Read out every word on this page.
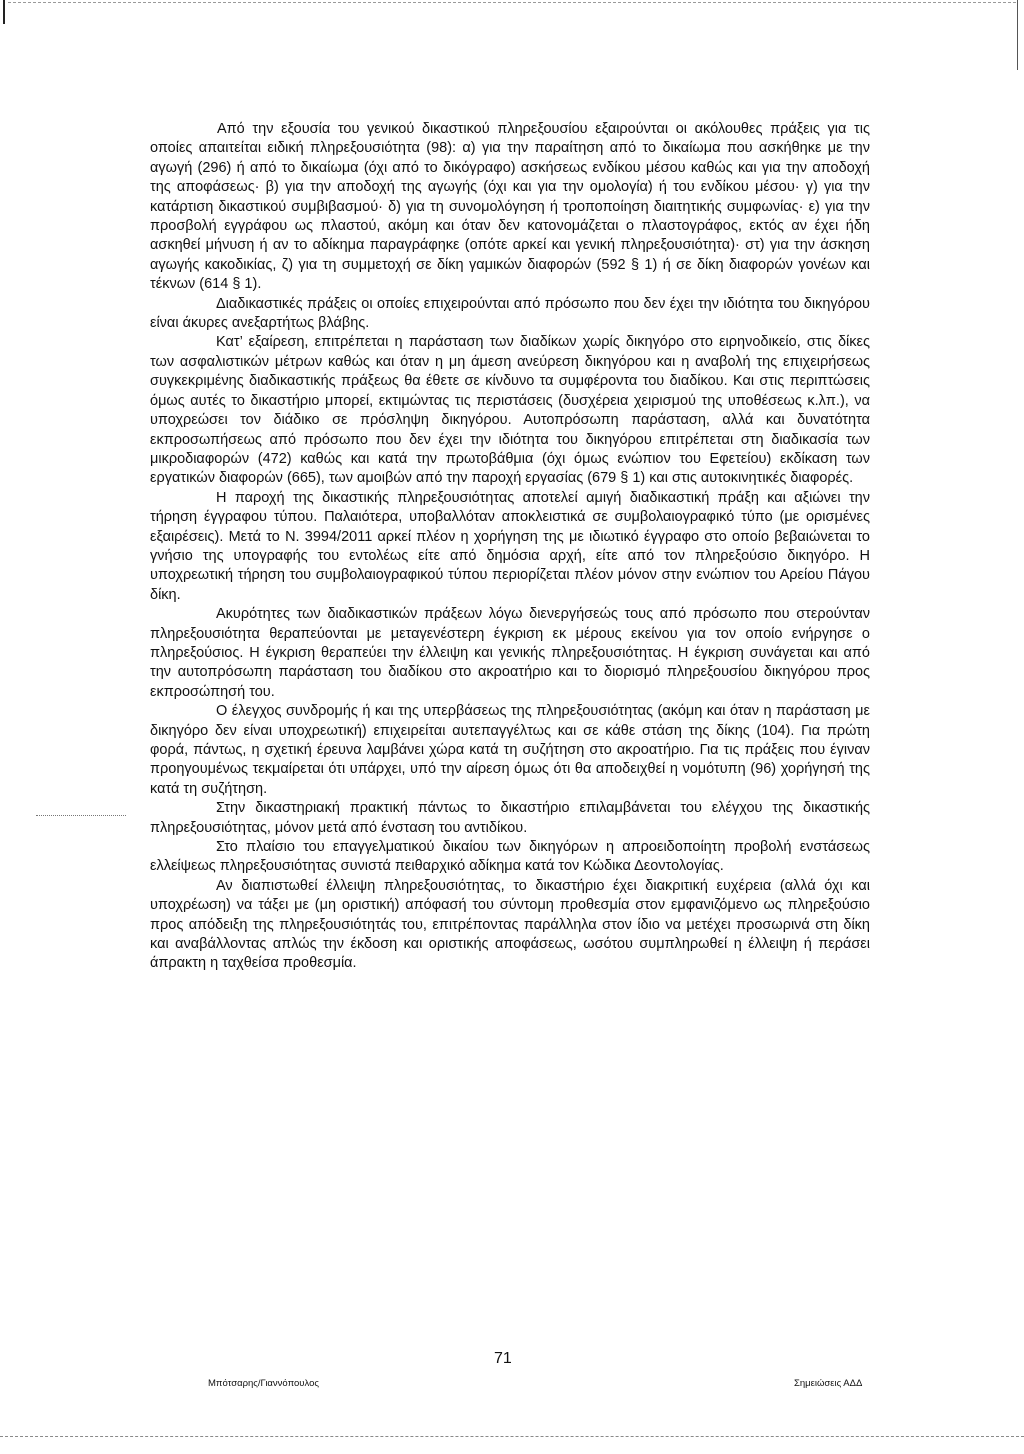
Από την εξουσία του γενικού δικαστικού πληρεξουσίου εξαιρούνται οι ακόλουθες πράξεις για τις οποίες απαιτείται ειδική πληρεξουσιότητα (98): α) για την παραίτηση από το δικαίωμα που ασκήθηκε με την αγωγή (296) ή από το δικαίωμα (όχι από το δικόγραφο) ασκήσεως ενδίκου μέσου καθώς και για την αποδοχή της αποφάσεως· β) για την αποδοχή της αγωγής (όχι και για την ομολογία) ή του ενδίκου μέσου· γ) για την κατάρτιση δικαστικού συμβιβασμού· δ) για τη συνομολόγηση ή τροποποίηση διαιτητικής συμφωνίας· ε) για την προσβολή εγγράφου ως πλαστού, ακόμη και όταν δεν κατονομάζεται ο πλαστογράφος, εκτός αν έχει ήδη ασκηθεί μήνυση ή αν το αδίκημα παραγράφηκε (οπότε αρκεί και γενική πληρεξουσιότητα)· στ) για την άσκηση αγωγής κακοδικίας, ζ) για τη συμμετοχή σε δίκη γαμικών διαφορών (592 § 1) ή σε δίκη διαφορών γονέων και τέκνων (614 § 1).

Διαδικαστικές πράξεις οι οποίες επιχειρούνται από πρόσωπο που δεν έχει την ιδιότητα του δικηγόρου είναι άκυρες ανεξαρτήτως βλάβης.

Κατ’ εξαίρεση, επιτρέπεται η παράσταση των διαδίκων χωρίς δικηγόρο στο ειρηνοδικείο, στις δίκες των ασφαλιστικών μέτρων καθώς και όταν η μη άμεση ανεύρεση δικηγόρου και η αναβολή της επιχειρήσεως συγκεκριμένης διαδικαστικής πράξεως θα έθετε σε κίνδυνο τα συμφέροντα του διαδίκου. Και στις περιπτώσεις όμως αυτές το δικαστήριο μπορεί, εκτιμώντας τις περιστάσεις (δυσχέρεια χειρισμού της υποθέσεως κ.λπ.), να υποχρεώσει τον διάδικο σε πρόσληψη δικηγόρου. Αυτοπρόσωπη παράσταση, αλλά και δυνατότητα εκπροσωπήσεως από πρόσωπο που δεν έχει την ιδιότητα του δικηγόρου επιτρέπεται στη διαδικασία των μικροδιαφορών (472) καθώς και κατά την πρωτοβάθμια (όχι όμως ενώπιον του Εφετείου) εκδίκαση των εργατικών διαφορών (665), των αμοιβών από την παροχή εργασίας (679 § 1) και στις αυτοκινητικές διαφορές.

Η παροχή της δικαστικής πληρεξουσιότητας αποτελεί αμιγή διαδικαστική πράξη και αξιώνει την τήρηση έγγραφου τύπου. Παλαιότερα, υποβαλλόταν αποκλειστικά σε συμβολαιογραφικό τύπο (με ορισμένες εξαιρέσεις). Μετά το Ν. 3994/2011 αρκεί πλέον η χορήγηση της με ιδιωτικό έγγραφο στο οποίο βεβαιώνεται το γνήσιο της υπογραφής του εντολέως είτε από δημόσια αρχή, είτε από τον πληρεξούσιο δικηγόρο. Η υποχρεωτική τήρηση του συμβολαιογραφικού τύπου περιορίζεται πλέον μόνον στην ενώπιον του Αρείου Πάγου δίκη.

Ακυρότητες των διαδικαστικών πράξεων λόγω διενεργήσεώς τους από πρόσωπο που στερούνταν πληρεξουσιότητα θεραπεύονται με μεταγενέστερη έγκριση εκ μέρους εκείνου για τον οποίο ενήργησε ο πληρεξούσιος. Η έγκριση θεραπεύει την έλλειψη και γενικής πληρεξουσιότητας. Η έγκριση συνάγεται και από την αυτοπρόσωπη παράσταση του διαδίκου στο ακροατήριο και το διορισμό πληρεξουσίου δικηγόρου προς εκπροσώπησή του.

Ο έλεγχος συνδρομής ή και της υπερβάσεως της πληρεξουσιότητας (ακόμη και όταν η παράσταση με δικηγόρο δεν είναι υποχρεωτική) επιχειρείται αυτεπαγγέλτως και σε κάθε στάση της δίκης (104). Για πρώτη φορά, πάντως, η σχετική έρευνα λαμβάνει χώρα κατά τη συζήτηση στο ακροατήριο. Για τις πράξεις που έγιναν προηγουμένως τεκμαίρεται ότι υπάρχει, υπό την αίρεση όμως ότι θα αποδειχθεί η νομότυπη (96) χορήγησή της κατά τη συζήτηση.

Στην δικαστηριακή πρακτική πάντως το δικαστήριο επιλαμβάνεται του ελέγχου της δικαστικής πληρεξουσιότητας, μόνον μετά από ένσταση του αντιδίκου.

Στο πλαίσιο του επαγγελματικού δικαίου των δικηγόρων η απροειδοποίητη προβολή ενστάσεως ελλείψεως πληρεξουσιότητας συνιστά πειθαρχικό αδίκημα κατά τον Κώδικα Δεοντολογίας.

Αν διαπιστωθεί έλλειψη πληρεξουσιότητας, το δικαστήριο έχει διακριτική ευχέρεια (αλλά όχι και υποχρέωση) να τάξει με (μη οριστική) απόφασή του σύντομη προθεσμία στον εμφανιζόμενο ως πληρεξούσιο προς απόδειξη της πληρεξουσιότητάς του, επιτρέποντας παράλληλα στον ίδιο να μετέχει προσωρινά στη δίκη και αναβάλλοντας απλώς την έκδοση και οριστικής αποφάσεως, ωσότου συμπληρωθεί η έλλειψη ή περάσει άπρακτη η ταχθείσα προθεσμία.

71
Μπότσαρης/Γιαννόπουλος	Σημειώσεις ΑΔΔ
